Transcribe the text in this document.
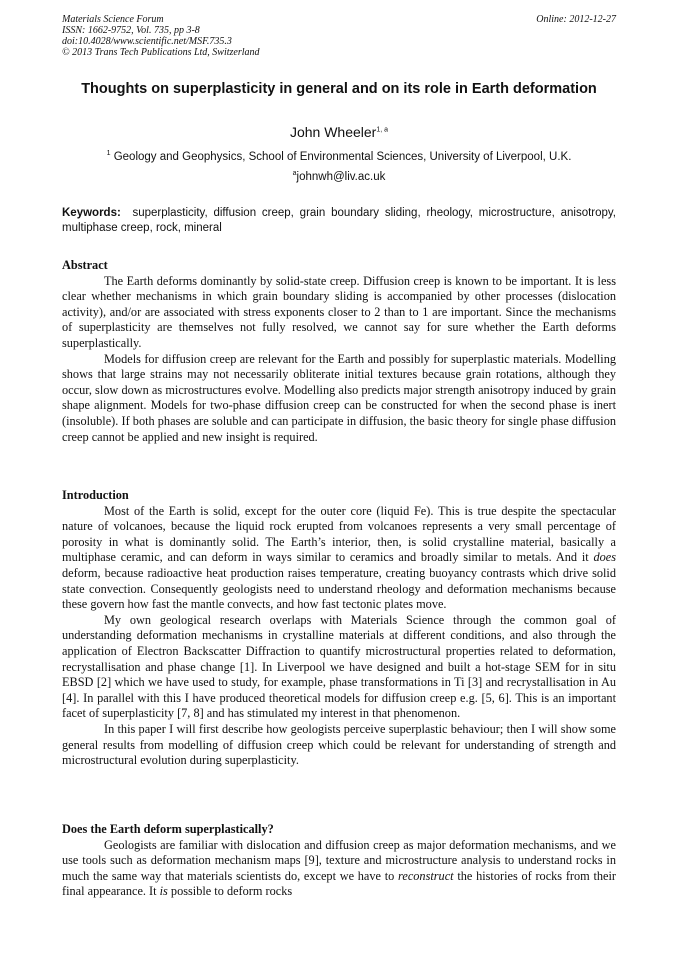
Materials Science Forum
ISSN: 1662-9752, Vol. 735, pp 3-8
doi:10.4028/www.scientific.net/MSF.735.3
© 2013 Trans Tech Publications Ltd, Switzerland
Online: 2012-12-27
Thoughts on superplasticity in general and on its role in Earth deformation
John Wheeler$^{1, a}$
$^1$ Geology and Geophysics, School of Environmental Sciences, University of Liverpool, U.K.
$^a$johnwh@liv.ac.uk
Keywords: superplasticity, diffusion creep, grain boundary sliding, rheology, microstructure, anisotropy, multiphase creep, rock, mineral
Abstract

The Earth deforms dominantly by solid-state creep. Diffusion creep is known to be important. It is less clear whether mechanisms in which grain boundary sliding is accompanied by other processes (dislocation activity), and/or are associated with stress exponents closer to 2 than to 1 are important. Since the mechanisms of superplasticity are themselves not fully resolved, we cannot say for sure whether the Earth deforms superplastically.

Models for diffusion creep are relevant for the Earth and possibly for superplastic materials. Modelling shows that large strains may not necessarily obliterate initial textures because grain rotations, although they occur, slow down as microstructures evolve. Modelling also predicts major strength anisotropy induced by grain shape alignment. Models for two-phase diffusion creep can be constructed for when the second phase is inert (insoluble). If both phases are soluble and can participate in diffusion, the basic theory for single phase diffusion creep cannot be applied and new insight is required.

Introduction

Most of the Earth is solid, except for the outer core (liquid Fe). This is true despite the spectacular nature of volcanoes, because the liquid rock erupted from volcanoes represents a very small percentage of porosity in what is dominantly solid. The Earth’s interior, then, is solid crystalline material, basically a multiphase ceramic, and can deform in ways similar to ceramics and broadly similar to metals. And it does deform, because radioactive heat production raises temperature, creating buoyancy contrasts which drive solid state convection. Consequently geologists need to understand rheology and deformation mechanisms because these govern how fast the mantle convects, and how fast tectonic plates move.

My own geological research overlaps with Materials Science through the common goal of understanding deformation mechanisms in crystalline materials at different conditions, and also through the application of Electron Backscatter Diffraction to quantify microstructural properties related to deformation, recrystallisation and phase change [1]. In Liverpool we have designed and built a hot-stage SEM for in situ EBSD [2] which we have used to study, for example, phase transformations in Ti [3] and recrystallisation in Au [4]. In parallel with this I have produced theoretical models for diffusion creep e.g. [5, 6]. This is an important facet of superplasticity [7, 8] and has stimulated my interest in that phenomenon.

In this paper I will first describe how geologists perceive superplastic behaviour; then I will show some general results from modelling of diffusion creep which could be relevant for understanding of strength and microstructural evolution during superplasticity.

Does the Earth deform superplastically?

Geologists are familiar with dislocation and diffusion creep as major deformation mechanisms, and we use tools such as deformation mechanism maps [9], texture and microstructure analysis to understand rocks in much the same way that materials scientists do, except we have to reconstruct the histories of rocks from their final appearance. It is possible to deform rocks
